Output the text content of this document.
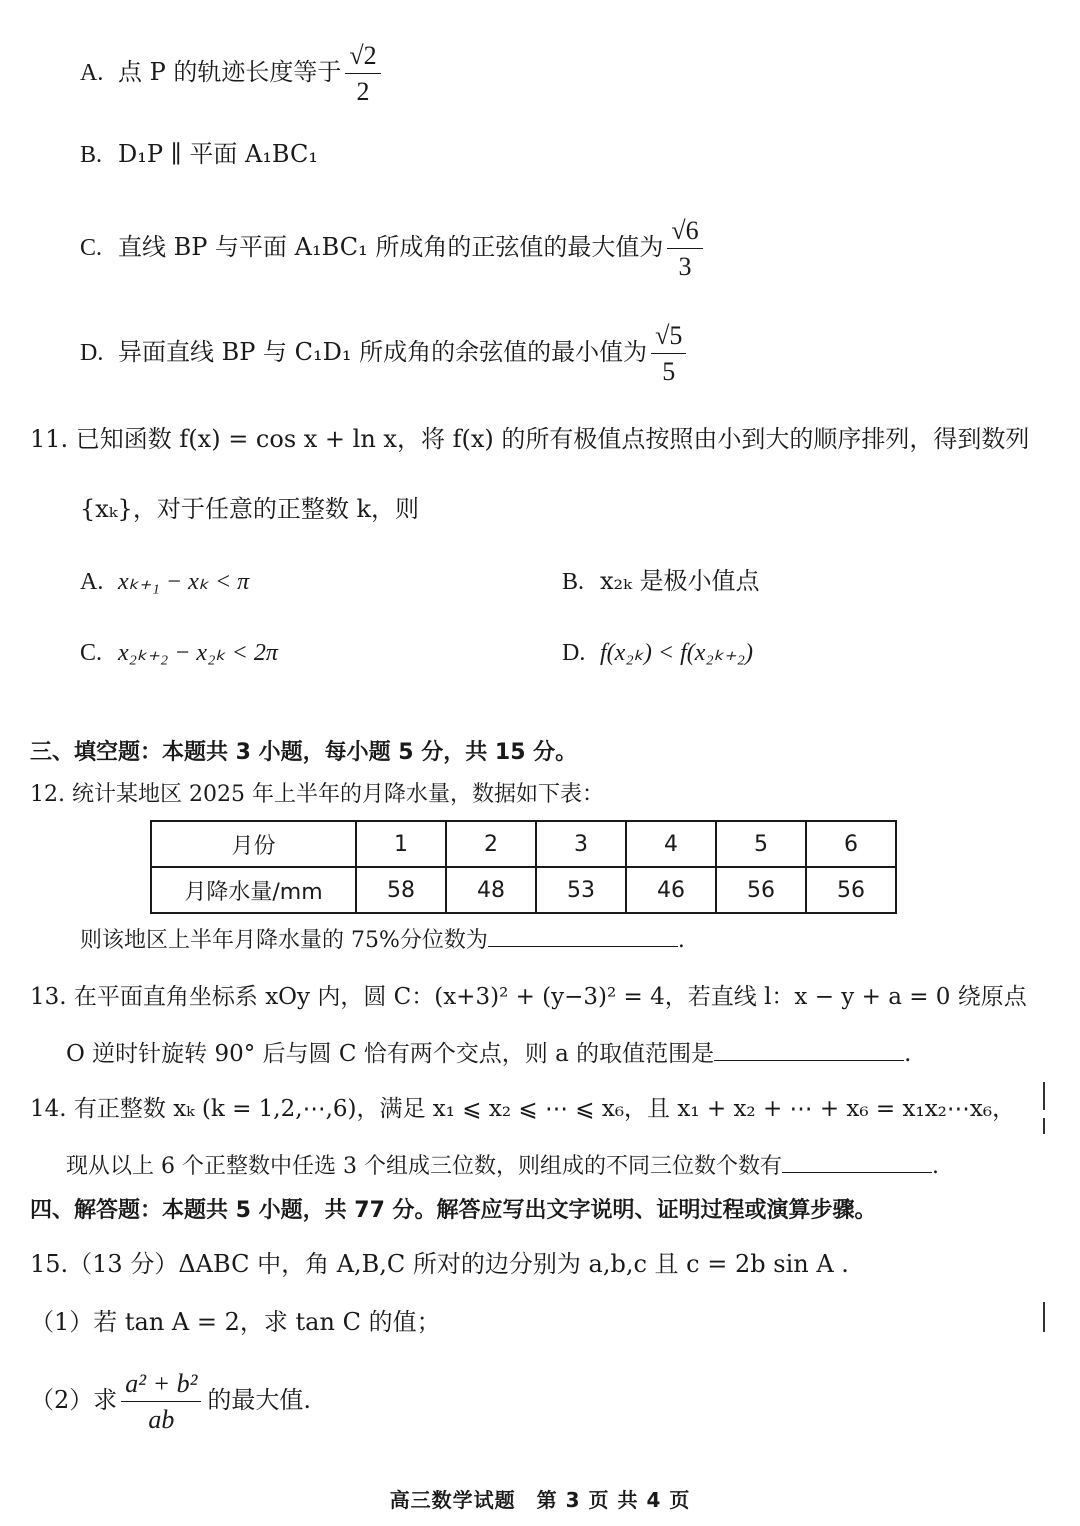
A. 点 P 的轨迹长度等于 $\frac{√2}{2}$
B. D₁P ∥ 平面 A₁BC₁
C. 直线 BP 与平面 A₁BC₁ 所成角的正弦值的最大值为 $\frac{√6}{3}$
D. 异面直线 BP 与 C₁D₁ 所成角的余弦值的最小值为 $\frac{√5}{5}$
11. 已知函数 f(x) = cos x + ln x，将 f(x) 的所有极值点按照由小到大的顺序排列，得到数列
{xₖ}，对于任意的正整数 k，则
A. xₖ₊₁ − xₖ < π	B. x₂ₖ 是极小值点
C. x₂ₖ₊₂ − x₂ₖ < 2π	D. f(x₂ₖ) < f(x₂ₖ₊₂)
三、填空题：本题共 3 小题，每小题 5 分，共 15 分。
12. 统计某地区 2025 年上半年的月降水量，数据如下表：
月份	1	2	3	4	5	6
月降水量/mm	58	48	53	46	56	56
则该地区上半年月降水量的 75%分位数为	.
13. 在平面直角坐标系 xOy 内，圆 C：(x+3)² + (y−3)² = 4，若直线 l：x − y + a = 0 绕原点
O 逆时针旋转 90° 后与圆 C 恰有两个交点，则 a 的取值范围是	.
14. 有正整数 xₖ (k = 1,2,⋯,6)，满足 x₁ ⩽ x₂ ⩽ ⋯ ⩽ x₆，且 x₁ + x₂ + ⋯ + x₆ = x₁x₂⋯x₆，
现从以上 6 个正整数中任选 3 个组成三位数，则组成的不同三位数个数有	.
四、解答题：本题共 5 小题，共 77 分。解答应写出文字说明、证明过程或演算步骤。
15.（13 分）ΔABC 中，角 A,B,C 所对的边分别为 a,b,c 且 c = 2b sin A .
（1）若 tan A = 2，求 tan C 的值；
（2）求 $\frac{\text{a² + b²}}{ab}$ 的最大值.
高三数学试题　第 3 页 共 4 页
